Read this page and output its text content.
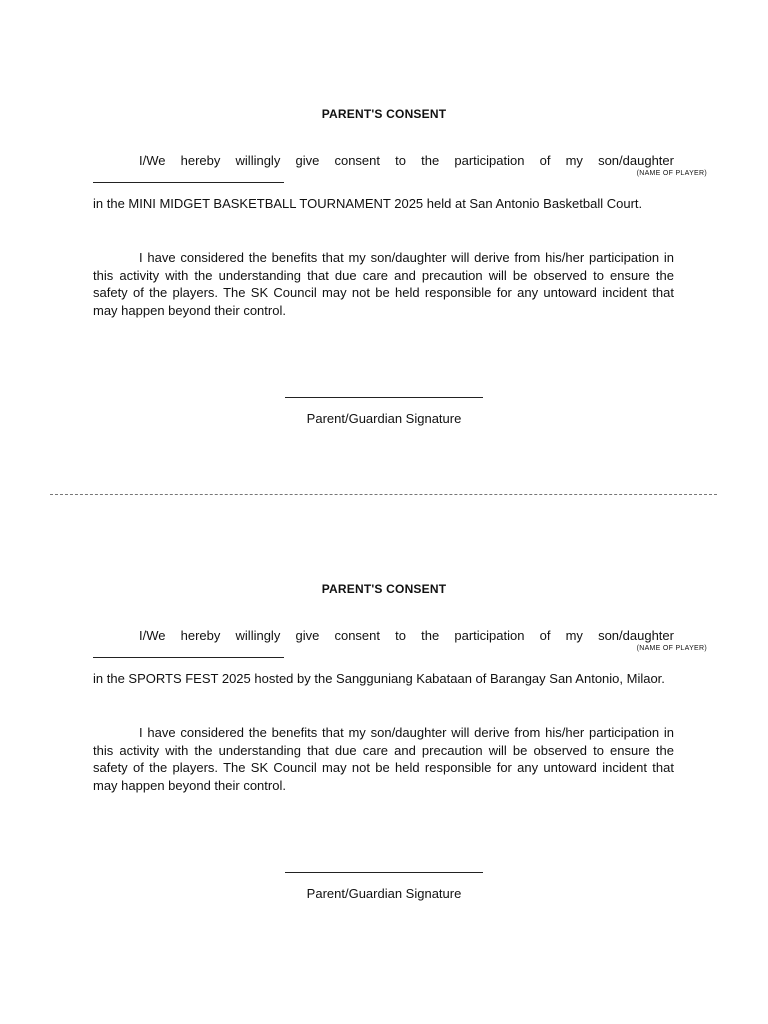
PARENT'S CONSENT
I/We hereby willingly give consent to the participation of my son/daughter
(NAME OF PLAYER)
in the MINI MIDGET BASKETBALL TOURNAMENT 2025 held at San Antonio Basketball Court.

I have considered the benefits that my son/daughter will derive from his/her participation in this activity with the understanding that due care and precaution will be observed to ensure the safety of the players. The SK Council may not be held responsible for any untoward incident that may happen beyond their control.

Parent/Guardian Signature
PARENT'S CONSENT
I/We hereby willingly give consent to the participation of my son/daughter
(NAME OF PLAYER)
in the SPORTS FEST 2025 hosted by the Sangguniang Kabataan of Barangay San Antonio, Milaor.

I have considered the benefits that my son/daughter will derive from his/her participation in this activity with the understanding that due care and precaution will be observed to ensure the safety of the players. The SK Council may not be held responsible for any untoward incident that may happen beyond their control.

Parent/Guardian Signature
